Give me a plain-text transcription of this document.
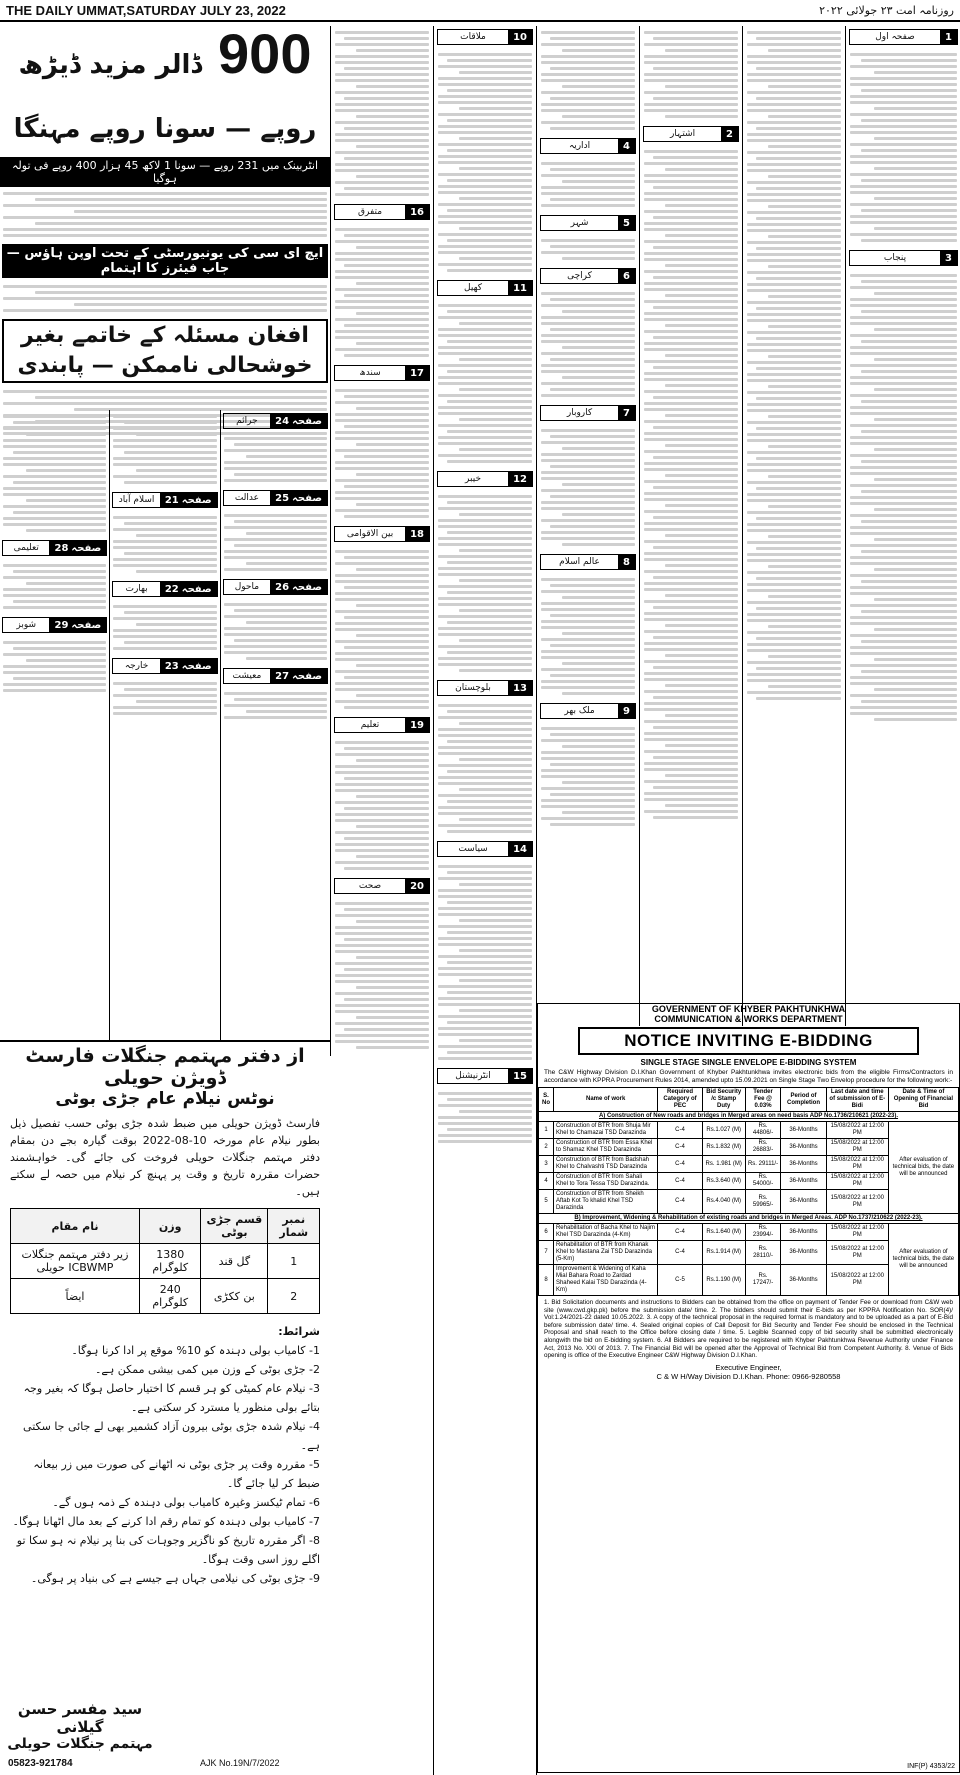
THE DAILY UMMAT,SATURDAY JULY 23, 2022	روزنامہ امت ۲۳ جولائی ۲۰۲۲
900 ڈالر مزید ڈیڑھ روپے — سونا روپے مہنگا
انٹربینک میں 231 روپے — سونا 1 لاکھ 45 ہزار 400 روپے فی تولہ ہوگیا
ایچ ای سی کی یونیورسٹی کے تحت اوپن ہاؤس — جاب فیئرز کا اہتمام
افغان مسئلہ کے خاتمے بغیر خوشحالی ناممکن — پابندی
صفحہ
24
جرائم
صفحہ
25
عدالت
صفحہ
26
ماحول
صفحہ
27
معیشت
صفحہ
21
اسلام آباد
صفحہ
22
بھارت
صفحہ
23
خارجہ
صفحہ
28
تعلیمی
صفحہ
29
شوبز
16
متفرق
17
سندھ
18
بین الاقوامی
19
تعلیم
20
صحت
10
ملاقات
11
کھیل
12
خیبر
13
بلوچستان
14
سیاست
15
انٹرنیشنل
4
اداریہ
5
شہر
6
کراچی
7
کاروبار
8
عالم اسلام
9
ملک بھر
2
اشتہار
1
صفحہ اول
3
پنجاب
از دفتر مہتمم جنگلات فارسٹ ڈویژن حویلی
نوٹس نیلام عام جڑی بوٹی
فارسٹ ڈویژن حویلی میں ضبط شدہ جڑی بوٹی حسب تفصیل ذیل بطور نیلام عام مورخہ 10-08-2022 بوقت گیارہ بجے دن بمقام دفتر مہتمم جنگلات حویلی فروخت کی جائے گی۔ خواہشمند حضرات مقررہ تاریخ و وقت پر پہنچ کر نیلام میں حصہ لے سکتے ہیں۔
نمبر شمار	قسم جڑی بوٹی	وزن	نام مقام
1	گل قند	1380 کلوگرام	زیر دفتر مہتمم جنگلات ICBWMP حویلی
2	بن ککڑی	240 کلوگرام	ایضاً
شرائط:
1- کامیاب بولی دہندہ کو 10% موقع پر ادا کرنا ہوگا۔
2- جڑی بوٹی کے وزن میں کمی بیشی ممکن ہے۔
3- نیلام عام کمیٹی کو ہر قسم کا اختیار حاصل ہوگا کہ بغیر وجہ بتائے بولی منظور یا مسترد کر سکتی ہے۔
4- نیلام شدہ جڑی بوٹی بیرون آزاد کشمیر بھی لے جائی جا سکتی ہے۔
5- مقررہ وقت پر جڑی بوٹی نہ اٹھانے کی صورت میں زر بیعانہ ضبط کر لیا جائے گا۔
6- تمام ٹیکسز وغیرہ کامیاب بولی دہندہ کے ذمہ ہوں گے۔
7- کامیاب بولی دہندہ کو تمام رقم ادا کرنے کے بعد مال اٹھانا ہوگا۔
8- اگر مقررہ تاریخ کو ناگزیر وجوہات کی بنا پر نیلام نہ ہو سکا تو اگلے روز اسی وقت ہوگا۔
9- جڑی بوٹی کی نیلامی جہاں ہے جیسے ہے کی بنیاد پر ہوگی۔
سید مفسر حسن گیلانی
مہتمم جنگلات حویلی
05823-921784	AJK No.19N/7/2022
GOVERNMENT OF KHYBER PAKHTUNKHWA
COMMUNICATION & WORKS DEPARTMENT
NOTICE INVITING E-BIDDING
SINGLE STAGE SINGLE ENVELOPE E-BIDDING SYSTEM
The C&W Highway Division D.I.Khan Government of Khyber Pakhtunkhwa invites electronic bids from the eligible Firms/Contractors in accordance with KPPRA Procurement Rules 2014, amended upto 15.09.2021 on Single Stage Two Envelop procedure for the following work:-
S. No	Name of work	Required Category of PEC	Bid Security /c Stamp Duty	Tender Fee @ 0.03%	Period of Completion	Last date and time of submission of E-Bidi	Date & Time of Opening of Financial Bid
A) Construction of New roads and bridges in Merged areas on need basis ADP No.1736/210621 (2022-23).							
1	Construction of BTR from Shuja Mir Khel to Chamazai TSD Darazinda	C-4	Rs.1.027 (M)	Rs. 44806/-	36-Months	15/08/2022 at 12:00 PM	After evaluation of technical bids, the date will be announced
2	Construction of BTR from Essa Khel to Shamaz Khel TSD Darazinda	C-4	Rs.1.832 (M)	Rs. 26883/-	36-Months	15/08/2022 at 12:00 PM	
3	Construction of BTR from Badshah Khel to Chalvashti TSD Darazinda	C-4	Rs. 1.981 (M)	Rs. 29111/-	36-Months	15/08/2022 at 12:00 PM	
4	Construction of BTR from Sahali Khel to Tora Tessa TSD Darazinda.	C-4	Rs.3.640 (M)	Rs. 54000/-	36-Months	15/08/2022 at 12:00 PM	
5	Construction of BTR from Sheikh Aftab Kot To khalid Khel TSD Darazinda	C-4	Rs.4.040 (M)	Rs. 59965/-	36-Months	15/08/2022 at 12:00 PM	
B) Improvement, Widening & Rehabilitation of existing roads and bridges in Merged Areas. ADP No.1737/210622 (2022-23).							
6	Rehabilitation of Bacha Khel to Najim Khel TSD Darazinda (4-Km)	C-4	Rs.1.640 (M)	Rs. 23994/-	36-Months	15/08/2022 at 12:00 PM	After evaluation of technical bids, the date will be announced
7	Rehabilitation of BTR from Khanak Khel to Mastana Zai TSD Darazinda (5-Km)	C-4	Rs.1.914 (M)	Rs. 28110/-	36-Months	15/08/2022 at 12:00 PM	
8	Improvement & Widening of Kaha Mial Bahara Road to Zardad Shaheed Kalai TSD Darazinda (4-Km)	C-5	Rs.1.190 (M)	Rs. 17247/-	36-Months	15/08/2022 at 12:00 PM	
1. Bid Solicitation documents and instructions to Bidders can be obtained from the office on payment of Tender Fee or download from C&W web site (www.cwd.gkp.pk) before the submission date/ time. 2. The bidders should submit their E-bids as per KPPRA Notification No. SOR(4)/ Vol:1.24/2021-22 dated 10.05.2022. 3. A copy of the technical proposal in the required format is mandatory and to be uploaded as a part of E-Bid before submission date/ time. 4. Sealed original copies of Call Deposit for Bid Security and Tender Fee should be enclosed in the Technical Proposal and shall reach to the Office before closing date / time. 5. Legible Scanned copy of bid security shall be submitted electronically alongwith the bid on E-bidding system. 6. All Bidders are required to be registered with Khyber Pakhtunkhwa Revenue Authority under Finance Act, 2013 No. XXI of 2013. 7. The Financial Bid will be opened after the Approval of Technical Bid from Competent Authority. 8. Venue of Bids opening is office of the Executive Engineer C&W Highway Division D.I.Khan.
Executive Engineer,
C & W H/Way Division D.I.Khan. Phone: 0966-9280558
INF(P) 4353/22
